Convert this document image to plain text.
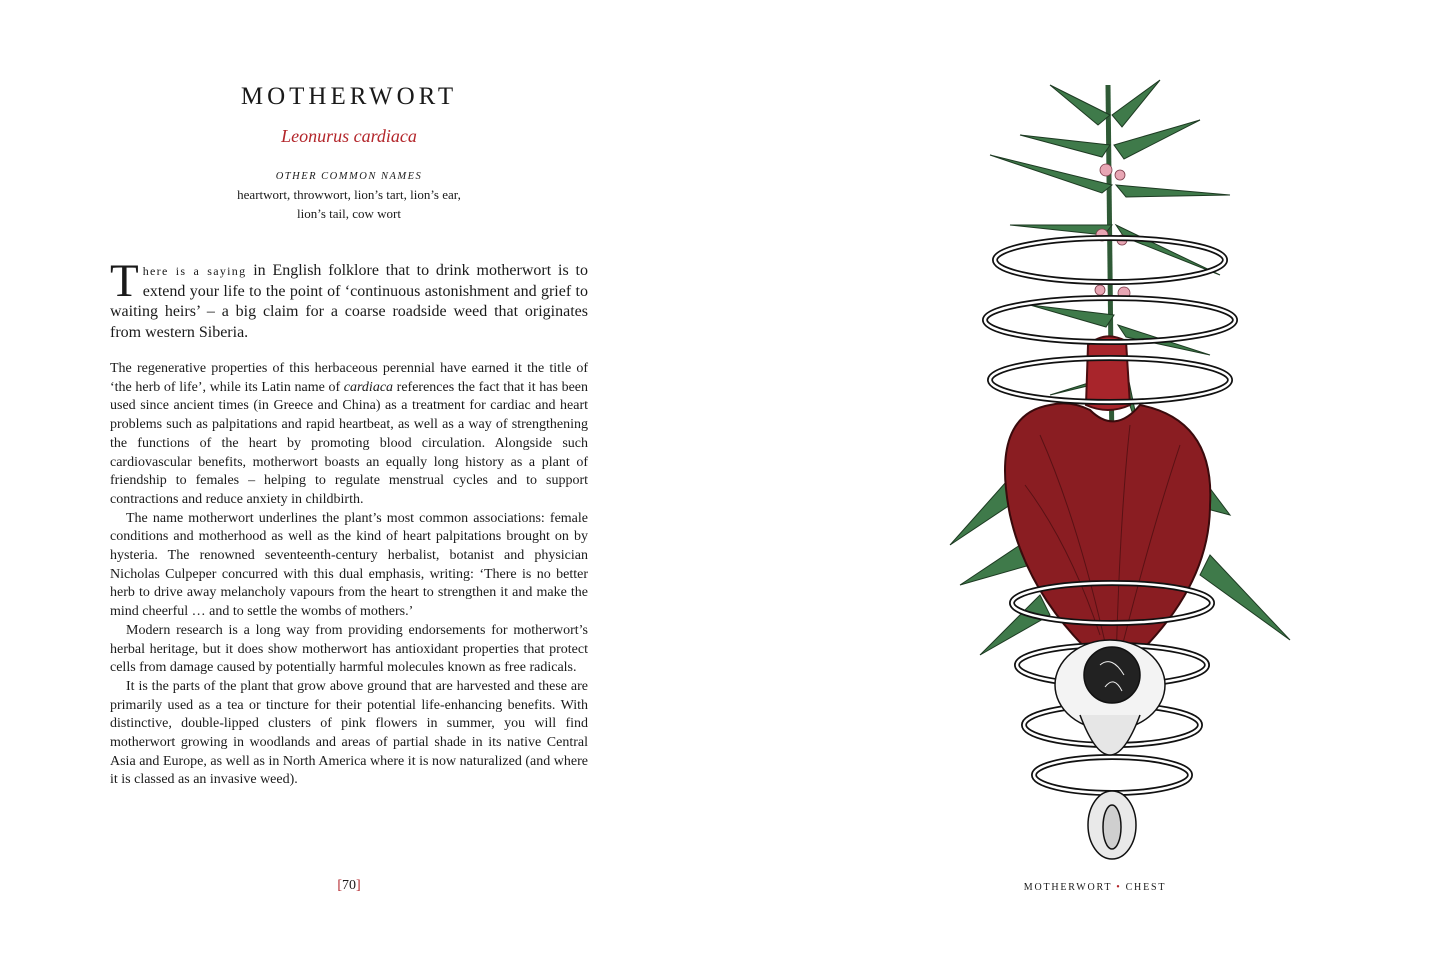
MOTHERWORT
Leonurus cardiaca
OTHER COMMON NAMES
heartwort, throwwort, lion’s tart, lion’s ear, lion’s tail, cow wort

There is a saying in English folklore that to drink motherwort is to extend your life to the point of ‘continuous astonishment and grief to waiting heirs’ – a big claim for a coarse roadside weed that originates from western Siberia.

The regenerative properties of this herbaceous perennial have earned it the title of ‘the herb of life’, while its Latin name of cardiaca references the fact that it has been used since ancient times (in Greece and China) as a treatment for cardiac and heart problems such as palpitations and rapid heartbeat, as well as a way of strengthening the functions of the heart by promoting blood circulation. Alongside such cardiovascular benefits, motherwort boasts an equally long history as a plant of friendship to females – helping to regulate menstrual cycles and to support contractions and reduce anxiety in childbirth.

The name motherwort underlines the plant’s most common associations: female conditions and motherhood as well as the kind of heart palpitations brought on by hysteria. The renowned seventeenth-century herbalist, botanist and physician Nicholas Culpeper concurred with this dual emphasis, writing: ‘There is no better herb to drive away melancholy vapours from the heart to strengthen it and make the mind cheerful … and to settle the wombs of mothers.’

Modern research is a long way from providing endorsements for motherwort’s herbal heritage, but it does show motherwort has antioxidant properties that protect cells from damage caused by potentially harmful molecules known as free radicals.

It is the parts of the plant that grow above ground that are harvested and these are primarily used as a tea or tincture for their potential life-enhancing benefits. With distinctive, double-lipped clusters of pink flowers in summer, you will find motherwort growing in woodlands and areas of partial shade in its native Central Asia and Europe, as well as in North America where it is now naturalized (and where it is classed as an invasive weed).

[70]	MOTHERWORT • CHEST
